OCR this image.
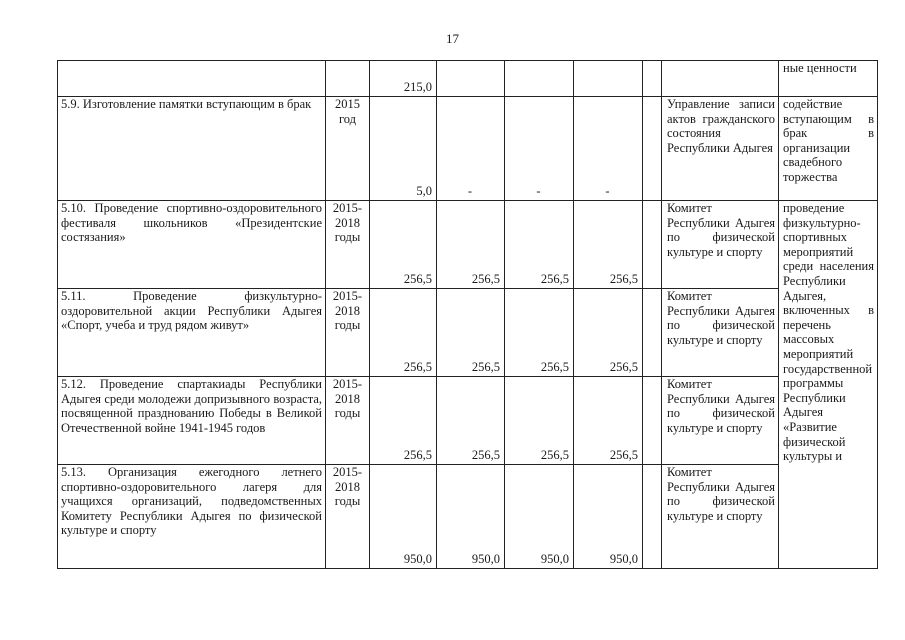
17
		215,0						ные ценности
5.9. Изготовление памятки вступающим в брак	2015 год	5,0	-	-	-		Управление записи актов гражданского состояния Республики Адыгея	содействие вступающим в брак в организации свадебного торжества
5.10. Проведение спортивно-оздоровительного фестиваля школьников «Президентские состязания»	2015-2018 годы	256,5	256,5	256,5	256,5		Комитет Республики Адыгея по физической культуре и спорту	проведение физкультурно-спортивных мероприятий среди населения Республики Адыгея, включенных в перечень массовых мероприятий государственной программы Республики Адыгея «Развитие физической культуры и
5.11. Проведение физкультурно-оздоровительной акции Республики Адыгея «Спорт, учеба и труд рядом живут»	2015-2018 годы	256,5	256,5	256,5	256,5		Комитет Республики Адыгея по физической культуре и спорту	
5.12. Проведение спартакиады Республики Адыгея среди молодежи допризывного возраста, посвященной празднованию Победы в Великой Отечественной войне 1941-1945 годов	2015-2018 годы	256,5	256,5	256,5	256,5		Комитет Республики Адыгея по физической культуре и спорту	
5.13. Организация ежегодного летнего спортивно-оздоровительного лагеря для учащихся организаций, подведомственных Комитету Республики Адыгея по физической культуре и спорту	2015-2018 годы	950,0	950,0	950,0	950,0		Комитет Республики Адыгея по физической культуре и спорту	
